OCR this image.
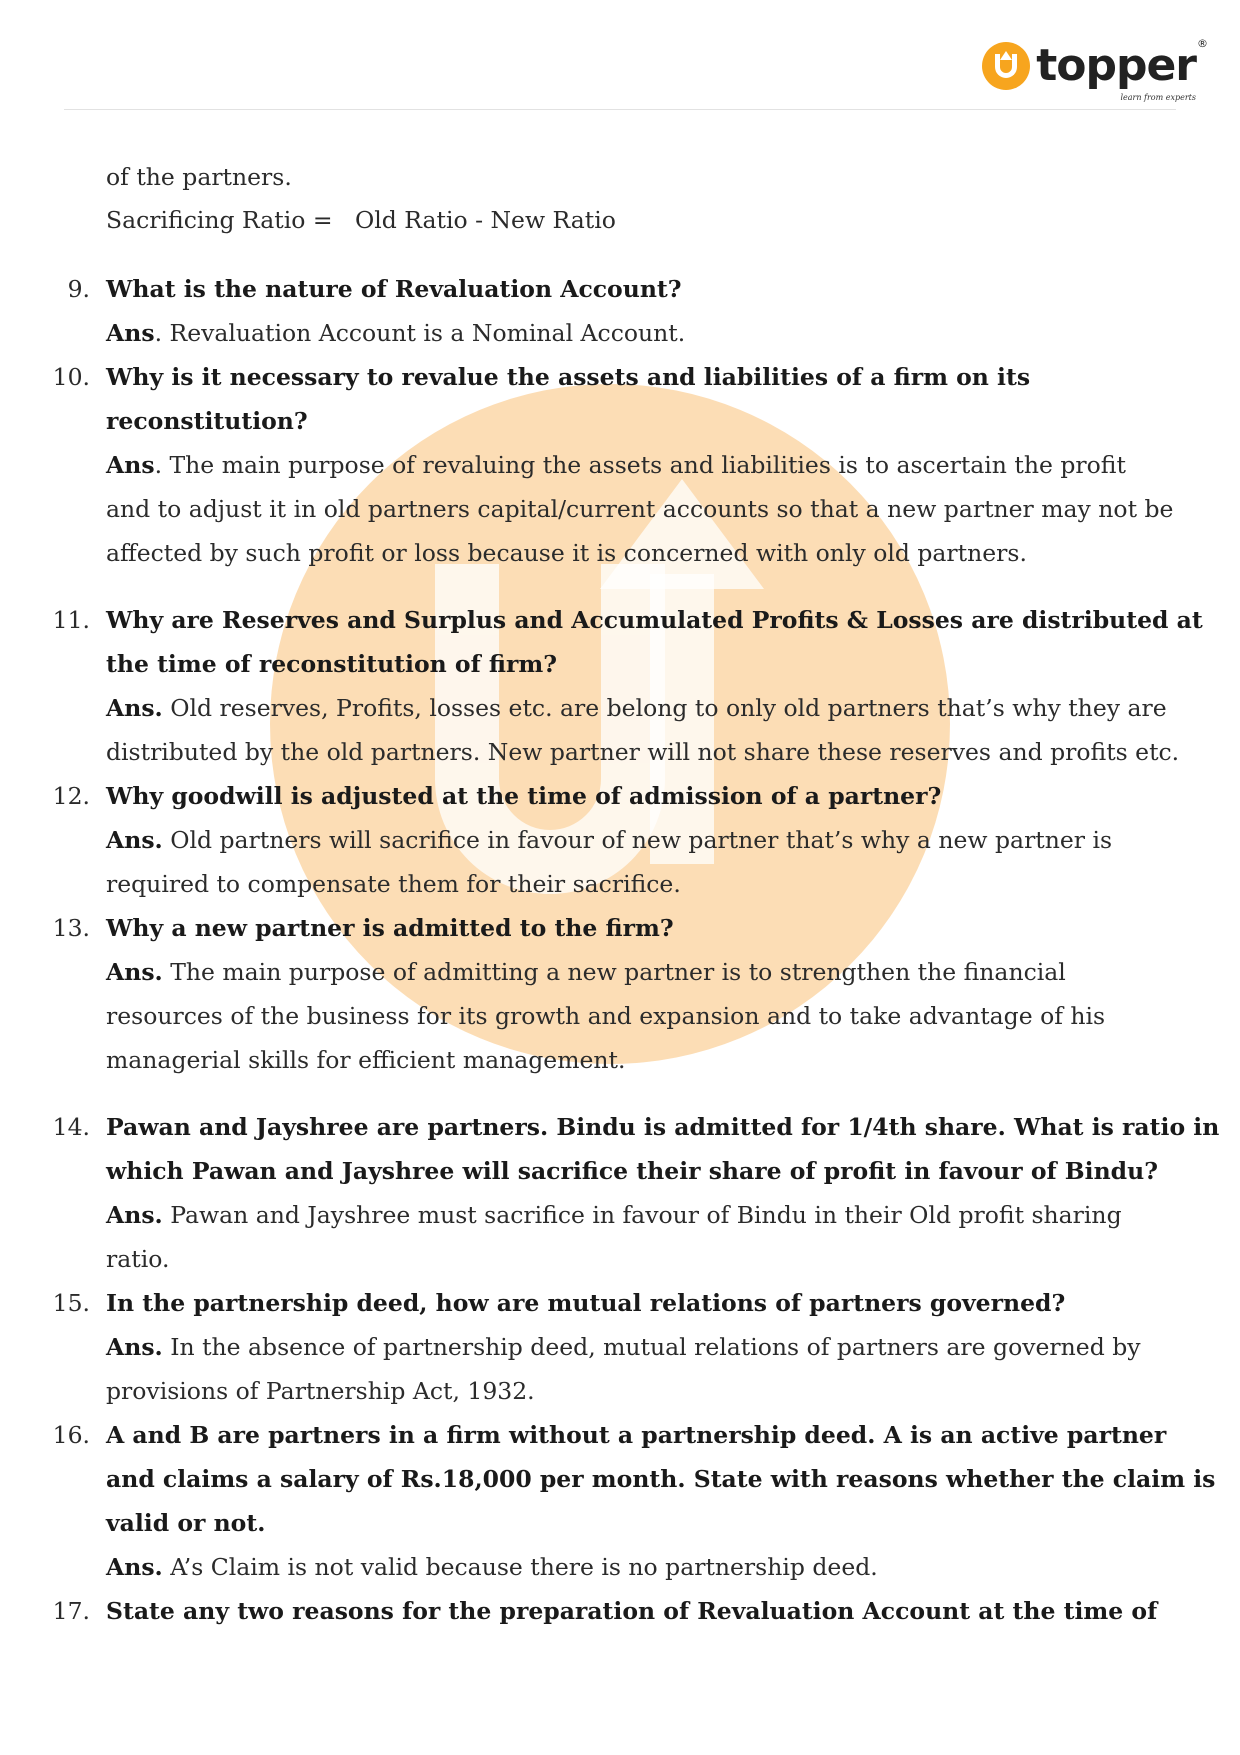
topper ®
learn from experts
of the partners.
Sacrificing Ratio = Old Ratio - New Ratio
9. What is the nature of Revaluation Account?
Ans. Revaluation Account is a Nominal Account.
10. Why is it necessary to revalue the assets and liabilities of a firm on its
reconstitution?
Ans. The main purpose of revaluing the assets and liabilities is to ascertain the profit
and to adjust it in old partners capital/current accounts so that a new partner may not be
affected by such profit or loss because it is concerned with only old partners.
11. Why are Reserves and Surplus and Accumulated Profits & Losses are distributed at
the time of reconstitution of firm?
Ans. Old reserves, Profits, losses etc. are belong to only old partners that’s why they are
distributed by the old partners. New partner will not share these reserves and profits etc.
12. Why goodwill is adjusted at the time of admission of a partner?
Ans. Old partners will sacrifice in favour of new partner that’s why a new partner is
required to compensate them for their sacrifice.
13. Why a new partner is admitted to the firm?
Ans. The main purpose of admitting a new partner is to strengthen the financial
resources of the business for its growth and expansion and to take advantage of his
managerial skills for efficient management.
14. Pawan and Jayshree are partners. Bindu is admitted for 1/4th share. What is ratio in
which Pawan and Jayshree will sacrifice their share of profit in favour of Bindu?
Ans. Pawan and Jayshree must sacrifice in favour of Bindu in their Old profit sharing
ratio.
15. In the partnership deed, how are mutual relations of partners governed?
Ans. In the absence of partnership deed, mutual relations of partners are governed by
provisions of Partnership Act, 1932.
16. A and B are partners in a firm without a partnership deed. A is an active partner
and claims a salary of Rs.18,000 per month. State with reasons whether the claim is
valid or not.
Ans. A’s Claim is not valid because there is no partnership deed.
17. State any two reasons for the preparation of Revaluation Account at the time of
